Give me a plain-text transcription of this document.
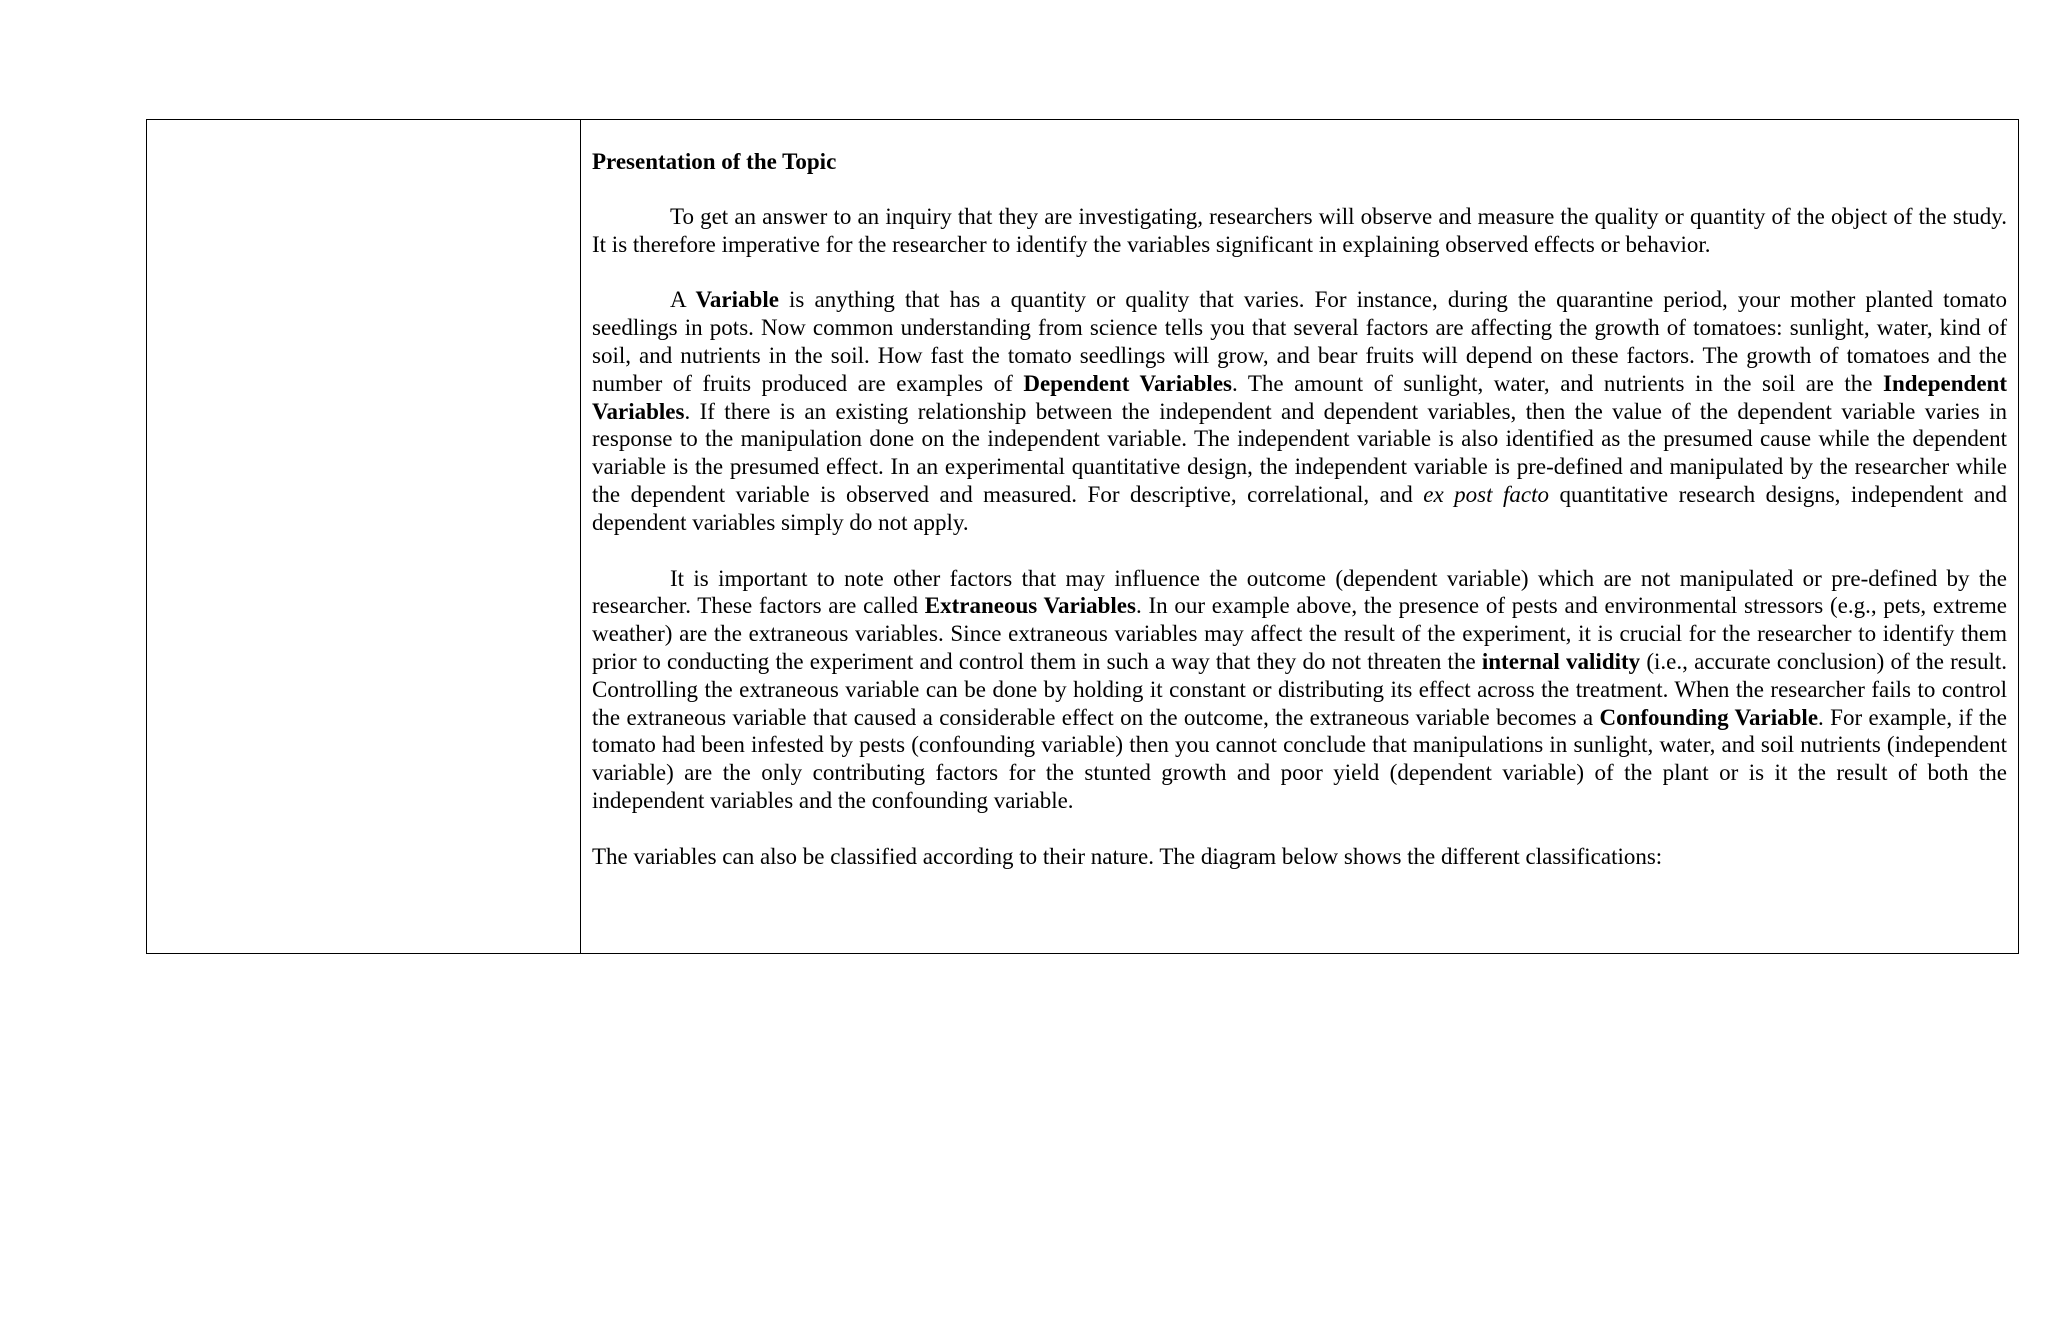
Presentation of the Topic

To get an answer to an inquiry that they are investigating, researchers will observe and measure the quality or quantity of the object of the study. It is therefore imperative for the researcher to identify the variables significant in explaining observed effects or behavior.

A Variable is anything that has a quantity or quality that varies. For instance, during the quarantine period, your mother planted tomato seedlings in pots. Now common understanding from science tells you that several factors are affecting the growth of tomatoes: sunlight, water, kind of soil, and nutrients in the soil. How fast the tomato seedlings will grow, and bear fruits will depend on these factors. The growth of tomatoes and the number of fruits produced are examples of Dependent Variables. The amount of sunlight, water, and nutrients in the soil are the Independent Variables. If there is an existing relationship between the independent and dependent variables, then the value of the dependent variable varies in response to the manipulation done on the independent variable. The independent variable is also identified as the presumed cause while the dependent variable is the presumed effect. In an experimental quantitative design, the independent variable is pre-defined and manipulated by the researcher while the dependent variable is observed and measured. For descriptive, correlational, and ex post facto quantitative research designs, independent and dependent variables simply do not apply.

It is important to note other factors that may influence the outcome (dependent variable) which are not manipulated or pre-defined by the researcher. These factors are called Extraneous Variables. In our example above, the presence of pests and environmental stressors (e.g., pets, extreme weather) are the extraneous variables. Since extraneous variables may affect the result of the experiment, it is crucial for the researcher to identify them prior to conducting the experiment and control them in such a way that they do not threaten the internal validity (i.e., accurate conclusion) of the result. Controlling the extraneous variable can be done by holding it constant or distributing its effect across the treatment. When the researcher fails to control the extraneous variable that caused a considerable effect on the outcome, the extraneous variable becomes a Confounding Variable. For example, if the tomato had been infested by pests (confounding variable) then you cannot conclude that manipulations in sunlight, water, and soil nutrients (independent variable) are the only contributing factors for the stunted growth and poor yield (dependent variable) of the plant or is it the result of both the independent variables and the confounding variable.

The variables can also be classified according to their nature. The diagram below shows the different classifications:
